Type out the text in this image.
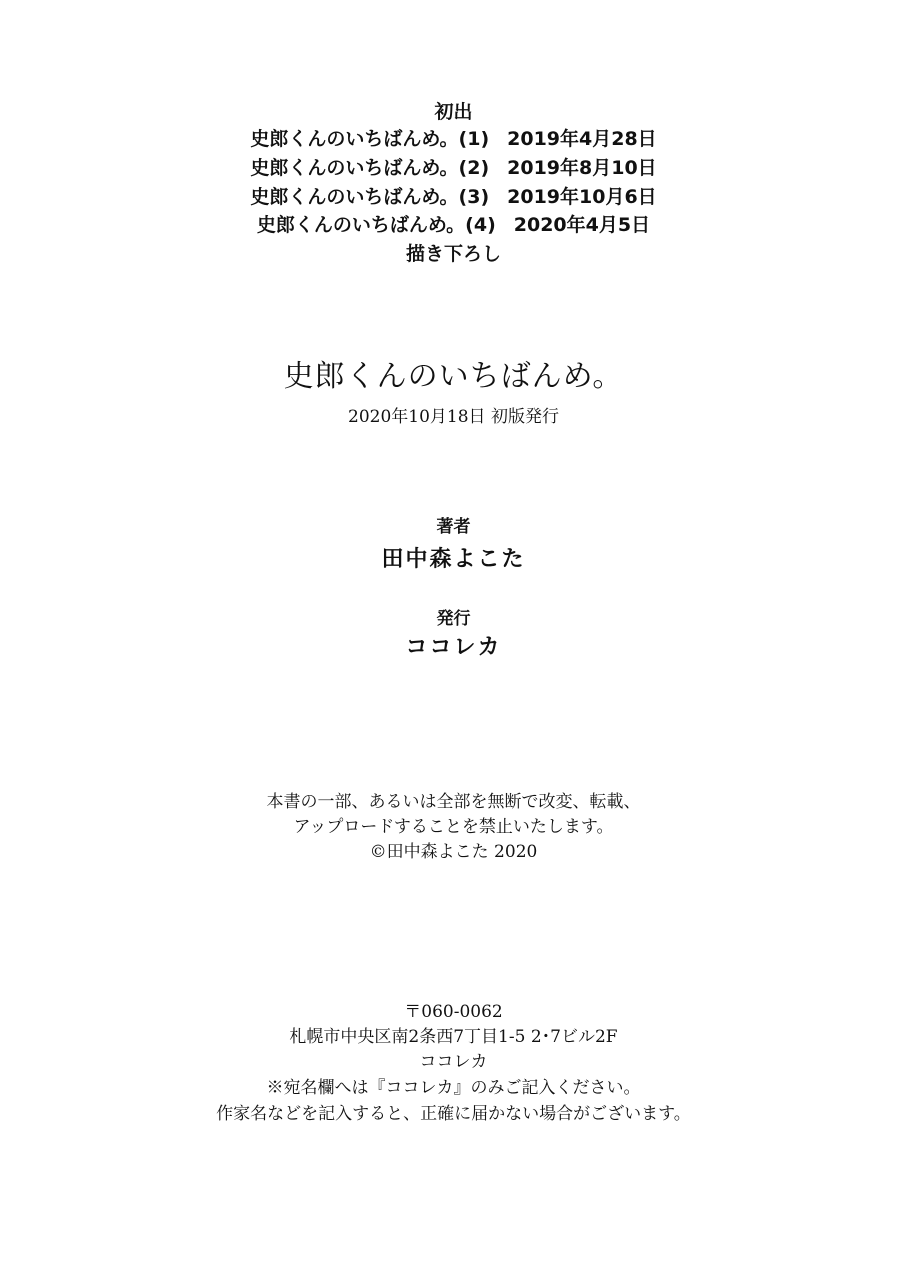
初出
史郎くんのいちばんめ。(1) 2019年4月28日
史郎くんのいちばんめ。(2) 2019年8月10日
史郎くんのいちばんめ。(3) 2019年10月6日
史郎くんのいちばんめ。(4) 2020年4月5日
描き下ろし
史郎くんのいちばんめ。
2020年10月18日 初版発行
著者
田中森よこた
発行
ココレカ
本書の一部、あるいは全部を無断で改変、転載、
アップロードすることを禁止いたします。
©田中森よこた 2020
〒060-0062
札幌市中央区南2条西7丁目1-5 2･7ビル2F
ココレカ
※宛名欄へは『ココレカ』のみご記入ください。
作家名などを記入すると、正確に届かない場合がございます。
